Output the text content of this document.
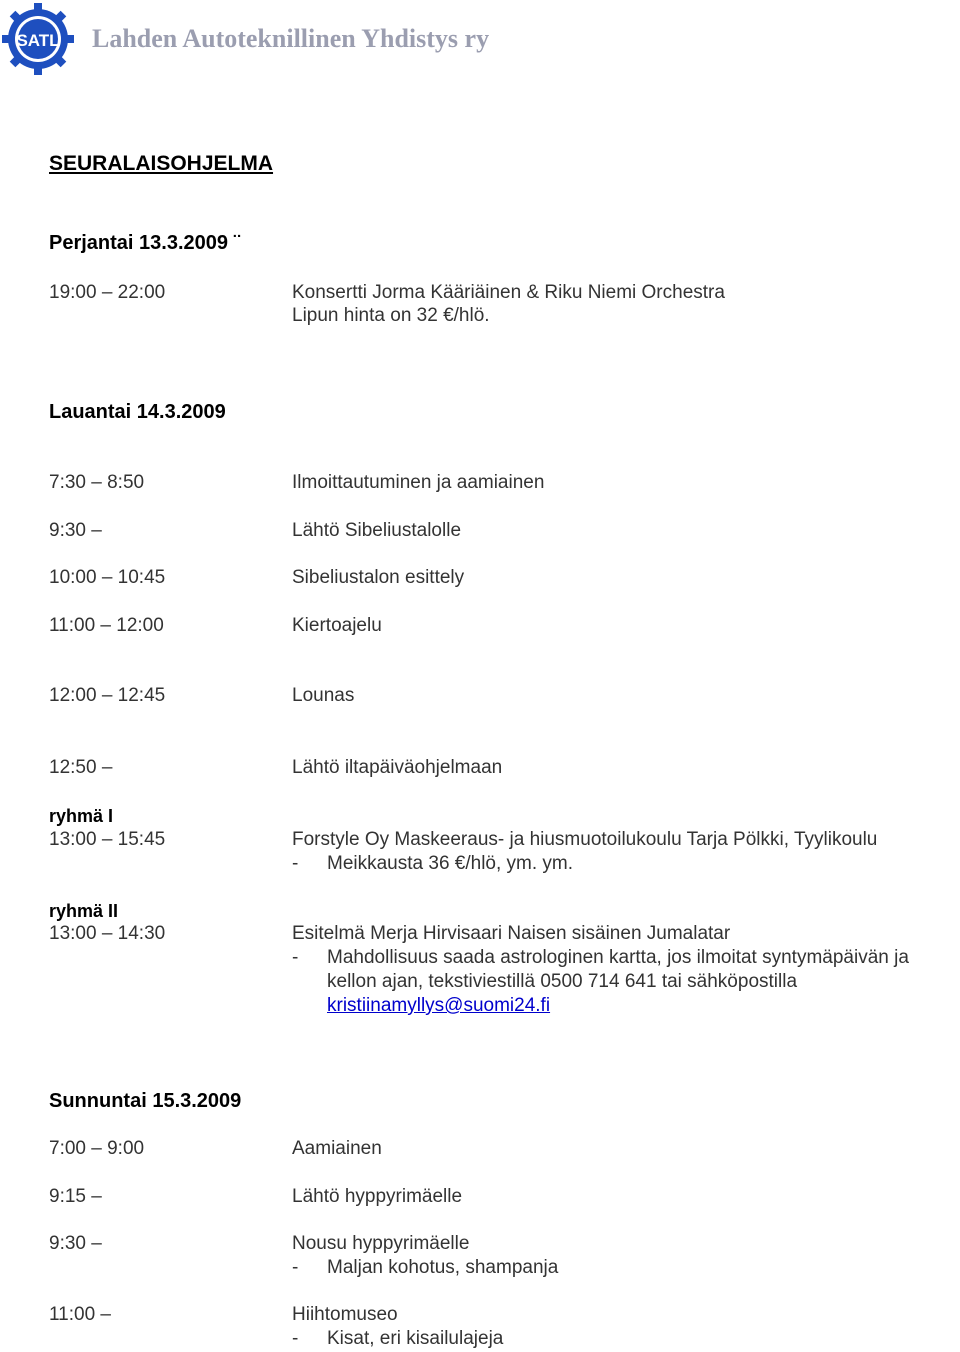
SATL Lahden Autoteknillinen Yhdistys ry
SEURALAISOHJELMA
Perjantai 13.3.2009 ¨
19:00 – 22:00	Konsertti Jorma Kääriäinen & Riku Niemi Orchestra
Lipun hinta on 32 €/hlö.
Lauantai 14.3.2009
7:30 – 8:50	Ilmoittautuminen ja aamiainen
9:30 –	Lähtö Sibeliustalolle
10:00 – 10:45	Sibeliustalon esittely
11:00 – 12:00	Kiertoajelu
12:00 – 12:45	Lounas
12:50 –	Lähtö iltapäiväohjelmaan
ryhmä I
13:00 – 15:45	Forstyle Oy Maskeeraus- ja hiusmuotoilukoulu Tarja Pölkki, Tyylikoulu
- Meikkausta 36 €/hlö, ym. ym.
ryhmä II
13:00 – 14:30	Esitelmä Merja Hirvisaari Naisen sisäinen Jumalatar
- Mahdollisuus saada astrologinen kartta, jos ilmoitat syntymäpäivän ja
kellon ajan, tekstiviestillä 0500 714 641 tai sähköpostilla
kristiinamyllys@suomi24.fi
Sunnuntai 15.3.2009
7:00 – 9:00	Aamiainen
9:15 –	Lähtö hyppyrimäelle
9:30 –	Nousu hyppyrimäelle
- Maljan kohotus, shampanja
11:00 –	Hiihtomuseo
- Kisat, eri kisailulajeja
